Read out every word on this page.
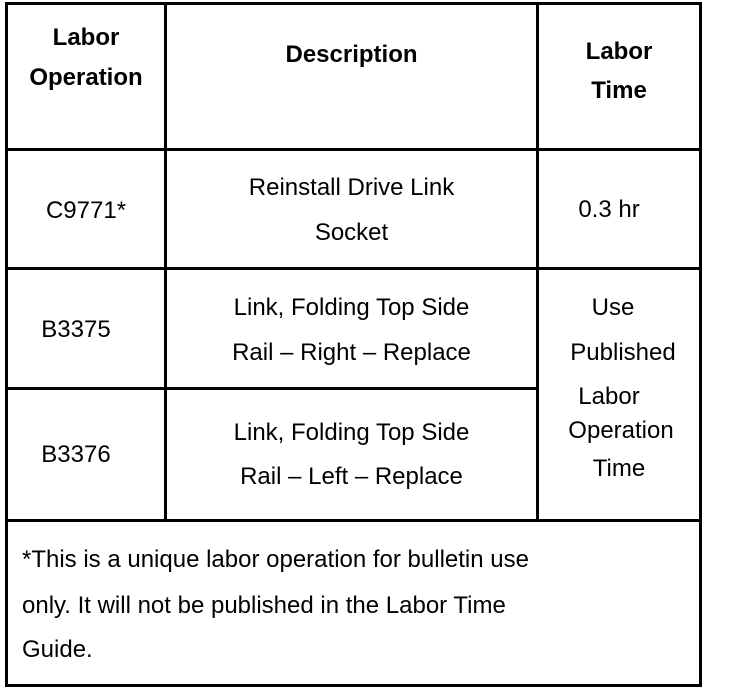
Labor
Operation
Description	Labor
Time
C9771*
Reinstall Drive Link
Socket
0.3 hr
B3375
Link, Folding Top Side
Rail – Right – Replace
B3376
Link, Folding Top Side
Rail – Left – Replace
Use
Published
Labor
Operation
Time
*This is a unique labor operation for bulletin use
only. It will not be published in the Labor Time
Guide.
